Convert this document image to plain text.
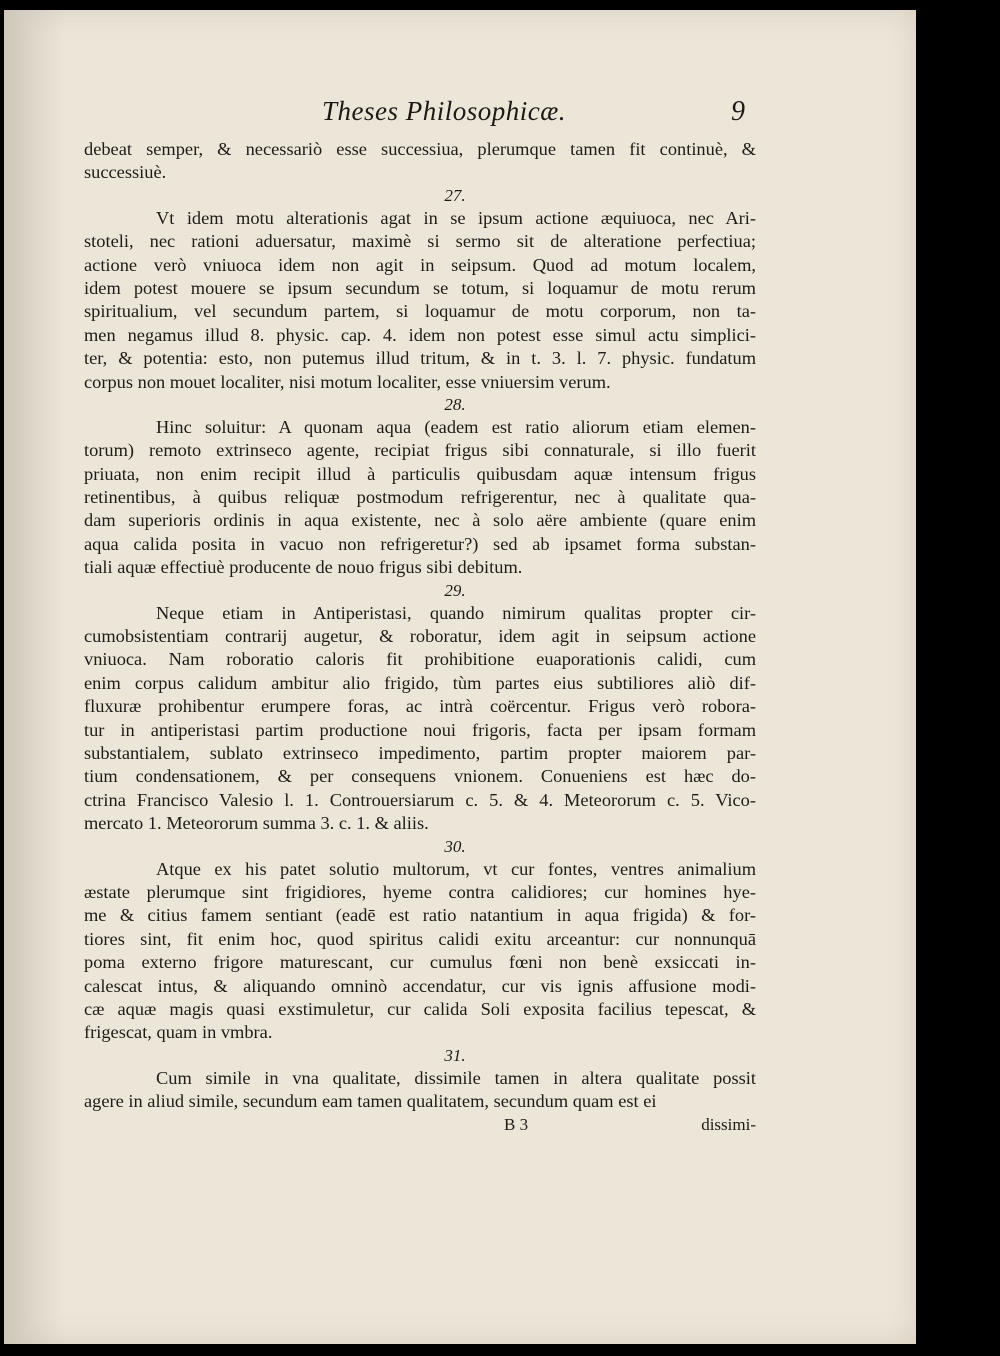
Theses Philosophicæ.	9
debeat semper, & necessariò esse successiua, plerumque tamen fit continuè, &
successiuè.
27.
Vt idem motu alterationis agat in se ipsum actione æquiuoca, nec Ari-
stoteli, nec rationi aduersatur, maximè si sermo sit de alteratione perfectiua;
actione verò vniuoca idem non agit in seipsum. Quod ad motum localem,
idem potest mouere se ipsum secundum se totum, si loquamur de motu rerum
spiritualium, vel secundum partem, si loquamur de motu corporum, non ta-
men negamus illud 8. physic. cap. 4. idem non potest esse simul actu simplici-
ter, & potentia: esto, non putemus illud tritum, & in t. 3. l. 7. physic. fundatum
corpus non mouet localiter, nisi motum localiter, esse vniuersim verum.
28.
Hinc soluitur: A quonam aqua (eadem est ratio aliorum etiam elemen-
torum) remoto extrinseco agente, recipiat frigus sibi connaturale, si illo fuerit
priuata, non enim recipit illud à particulis quibusdam aquæ intensum frigus
retinentibus, à quibus reliquæ postmodum refrigerentur, nec à qualitate qua-
dam superioris ordinis in aqua existente, nec à solo aëre ambiente (quare enim
aqua calida posita in vacuo non refrigeretur?) sed ab ipsamet forma substan-
tiali aquæ effectiuè producente de nouo frigus sibi debitum.
29.
Neque etiam in Antiperistasi, quando nimirum qualitas propter cir-
cumobsistentiam contrarij augetur, & roboratur, idem agit in seipsum actione
vniuoca. Nam roboratio caloris fit prohibitione euaporationis calidi, cum
enim corpus calidum ambitur alio frigido, tùm partes eius subtiliores aliò dif-
fluxuræ prohibentur erumpere foras, ac intrà coërcentur. Frigus verò robora-
tur in antiperistasi partim productione noui frigoris, facta per ipsam formam
substantialem, sublato extrinseco impedimento, partim propter maiorem par-
tium condensationem, & per consequens vnionem. Conueniens est hæc do-
ctrina Francisco Valesio l. 1. Controuersiarum c. 5. & 4. Meteororum c. 5. Vico-
mercato 1. Meteororum summa 3. c. 1. & aliis.
30.
Atque ex his patet solutio multorum, vt cur fontes, ventres animalium
æstate plerumque sint frigidiores, hyeme contra calidiores; cur homines hye-
me & citius famem sentiant (eadē est ratio natantium in aqua frigida) & for-
tiores sint, fit enim hoc, quod spiritus calidi exitu arceantur: cur nonnunquā
poma externo frigore maturescant, cur cumulus fœni non benè exsiccati in-
calescat intus, & aliquando omninò accendatur, cur vis ignis affusione modi-
cæ aquæ magis quasi exstimuletur, cur calida Soli exposita facilius tepescat, &
frigescat, quam in vmbra.
31.
Cum simile in vna qualitate, dissimile tamen in altera qualitate possit
agere in aliud simile, secundum eam tamen qualitatem, secundum quam est ei
B 3	dissimi-
